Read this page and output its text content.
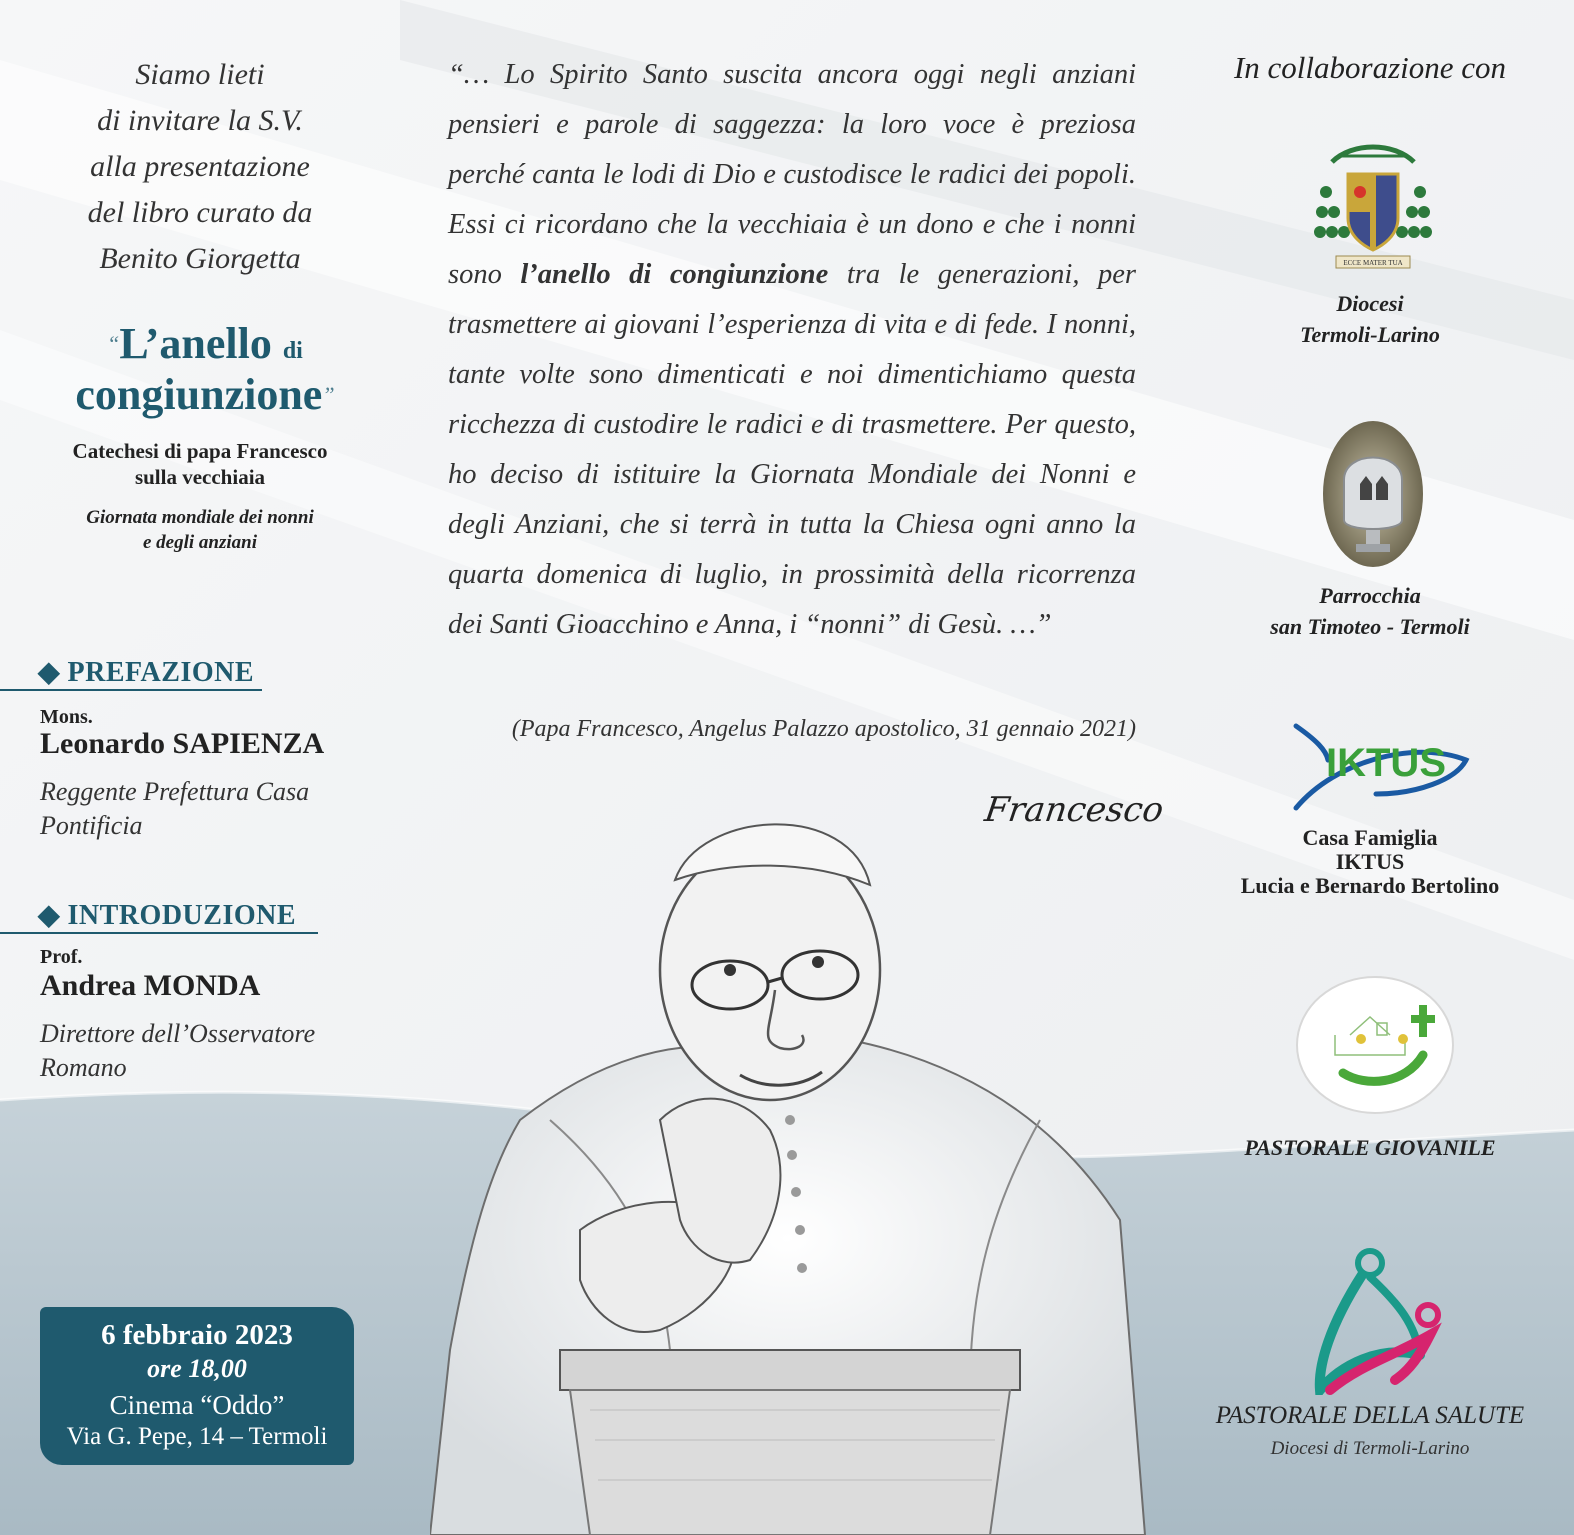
Siamo lieti
di invitare la S.V.
alla presentazione
del libro curato da
Benito Giorgetta
“L’anello di
congiunzione”
Catechesi di papa Francesco
sulla vecchiaia
Giornata mondiale dei nonni
e degli anziani
◆ PREFAZIONE
Mons.
Leonardo SAPIENZA
Reggente Prefettura Casa
Pontificia
◆ INTRODUZIONE
Prof.
Andrea MONDA
Direttore dell’Osservatore
Romano
6 febbraio 2023
ore 18,00
Cinema “Oddo”
Via G. Pepe, 14 – Termoli
“… Lo Spirito Santo suscita ancora oggi negli anziani pensieri e parole di saggezza: la loro voce è preziosa perché canta le lodi di Dio e custodisce le radici dei popoli. Essi ci ricordano che la vecchiaia è un dono e che i nonni sono l’anello di congiunzione tra le generazioni, per trasmettere ai giovani l’esperienza di vita e di fede. I nonni, tante volte sono dimenticati e noi dimentichiamo questa ricchezza di custodire le radici e di trasmettere. Per questo, ho deciso di istituire la Giornata Mondiale dei Nonni e degli Anziani, che si terrà in tutta la Chiesa ogni anno la quarta domenica di luglio, in prossimità della ricorrenza dei Santi Gioacchino e Anna, i “nonni” di Gesù. …”
(Papa Francesco, Angelus Palazzo apostolico, 31 gennaio 2021)
Francesco
In collaborazione con
ECCE MATER TUA
Diocesi
Termoli-Larino
Parrocchia
san Timoteo - Termoli
IKTUS
Casa Famiglia
IKTUS
Lucia e Bernardo Bertolino
PASTORALE GIOVANILE
PASTORALE DELLA SALUTE
Diocesi di Termoli-Larino
